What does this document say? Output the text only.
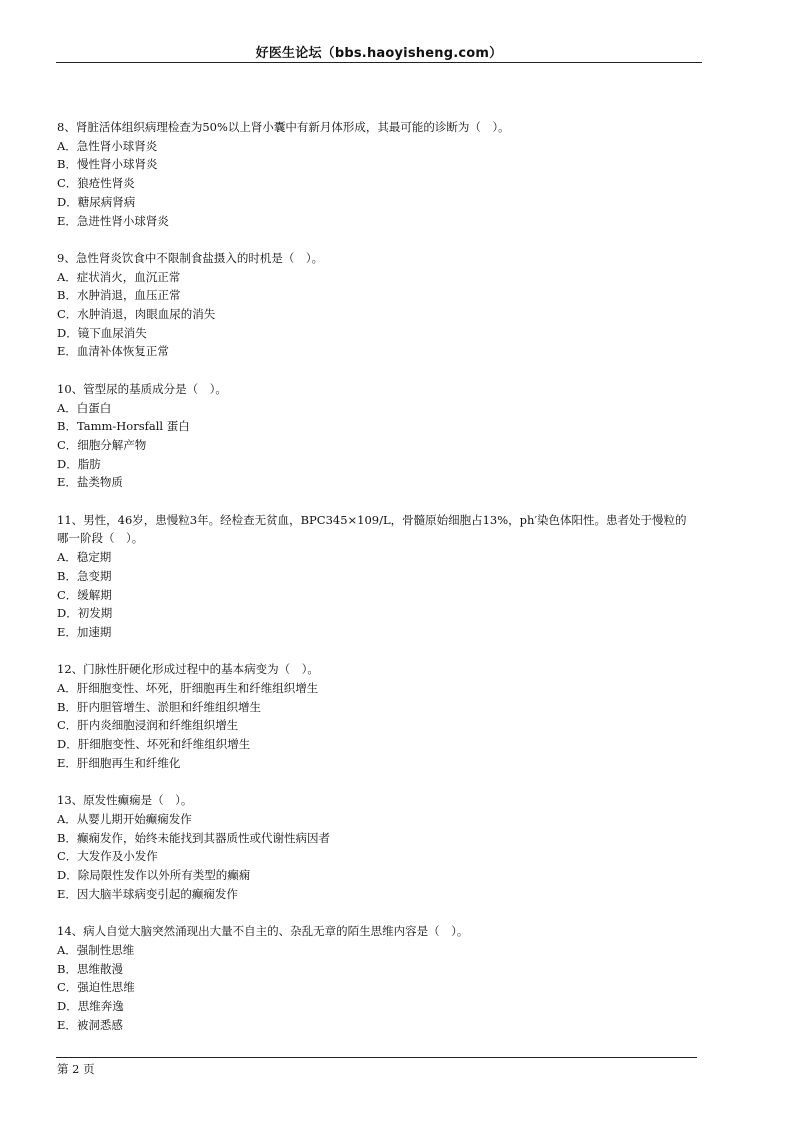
好医生论坛（bbs.haoyisheng.com）

8、肾脏活体组织病理检查为50%以上肾小囊中有新月体形成，其最可能的诊断为（　）。

A．急性肾小球肾炎

B．慢性肾小球肾炎

C．狼疮性肾炎

D．糖尿病肾病

E．急进性肾小球肾炎

9、急性肾炎饮食中不限制食盐摄入的时机是（　）。

A．症状消火，血沉正常

B．水肿消退，血压正常

C．水肿消退，肉眼血尿的消失

D．镜下血尿消失

E．血清补体恢复正常

10、管型尿的基质成分是（　）。

A．白蛋白

B．Tamm-Horsfall 蛋白

C．细胞分解产物

D．脂肪

E．盐类物质

11、男性，46岁，患慢粒3年。经检查无贫血，BPC345×109/L，骨髓原始细胞占13%，ph′染色体阳性。患者处于慢粒的哪一阶段（　）。

A．稳定期

B．急变期

C．缓解期

D．初发期

E．加速期

12、门脉性肝硬化形成过程中的基本病变为（　）。

A．肝细胞变性、坏死，肝细胞再生和纤维组织增生

B．肝内胆管增生、淤胆和纤维组织增生

C．肝内炎细胞浸润和纤维组织增生

D．肝细胞变性、坏死和纤维组织增生

E．肝细胞再生和纤维化

13、原发性癫痫是（　）。

A．从婴儿期开始癫痫发作

B．癫痫发作，始终未能找到其器质性或代谢性病因者

C．大发作及小发作

D．除局限性发作以外所有类型的癫痫

E．因大脑半球病变引起的癫痫发作

14、病人自觉大脑突然涌现出大量不自主的、杂乱无章的陌生思维内容是（　）。

A．强制性思维

B．思维散漫

C．强迫性思维

D．思维奔逸

E．被洞悉感

第 2 页
